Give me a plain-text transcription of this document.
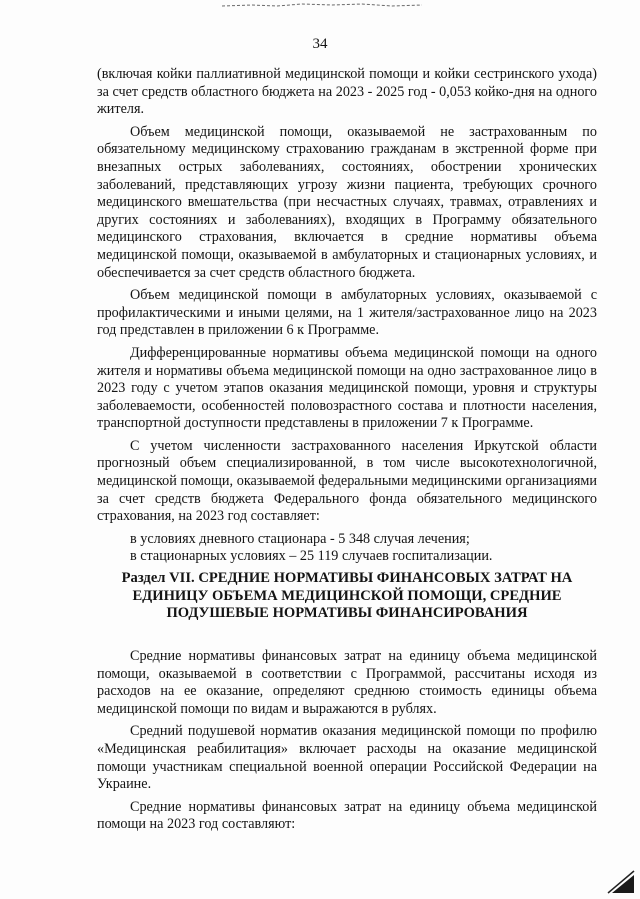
34

(включая койки паллиативной медицинской помощи и койки сестринского ухода) за счет средств областного бюджета на 2023 - 2025 год - 0,053 койко-дня на одного жителя.

Объем медицинской помощи, оказываемой не застрахованным по обязательному медицинскому страхованию гражданам в экстренной форме при внезапных острых заболеваниях, состояниях, обострении хронических заболеваний, представляющих угрозу жизни пациента, требующих срочного медицинского вмешательства (при несчастных случаях, травмах, отравлениях и других состояниях и заболеваниях), входящих в Программу обязательного медицинского страхования, включается в средние нормативы объема медицинской помощи, оказываемой в амбулаторных и стационарных условиях, и обеспечивается за счет средств областного бюджета.

Объем медицинской помощи в амбулаторных условиях, оказываемой с профилактическими и иными целями, на 1 жителя/застрахованное лицо на 2023 год представлен в приложении 6 к Программе.

Дифференцированные нормативы объема медицинской помощи на одного жителя и нормативы объема медицинской помощи на одно застрахованное лицо в 2023 году с учетом этапов оказания медицинской помощи, уровня и структуры заболеваемости, особенностей половозрастного состава и плотности населения, транспортной доступности представлены в приложении 7 к Программе.

С учетом численности застрахованного населения Иркутской области прогнозный объем специализированной, в том числе высокотехнологичной, медицинской помощи, оказываемой федеральными медицинскими организациями за счет средств бюджета Федерального фонда обязательного медицинского страхования, на 2023 год составляет:

в условиях дневного стационара - 5 348 случая лечения;

в стационарных условиях – 25 119 случаев госпитализации.

Раздел VII. СРЕДНИЕ НОРМАТИВЫ ФИНАНСОВЫХ ЗАТРАТ НА ЕДИНИЦУ ОБЪЕМА МЕДИЦИНСКОЙ ПОМОЩИ, СРЕДНИЕ ПОДУШЕВЫЕ НОРМАТИВЫ ФИНАНСИРОВАНИЯ

Средние нормативы финансовых затрат на единицу объема медицинской помощи, оказываемой в соответствии с Программой, рассчитаны исходя из расходов на ее оказание, определяют среднюю стоимость единицы объема медицинской помощи по видам и выражаются в рублях.

Средний подушевой норматив оказания медицинской помощи по профилю «Медицинская реабилитация» включает расходы на оказание медицинской помощи участникам специальной военной операции Российской Федерации на Украине.

Средние нормативы финансовых затрат на единицу объема медицинской помощи на 2023 год составляют:
